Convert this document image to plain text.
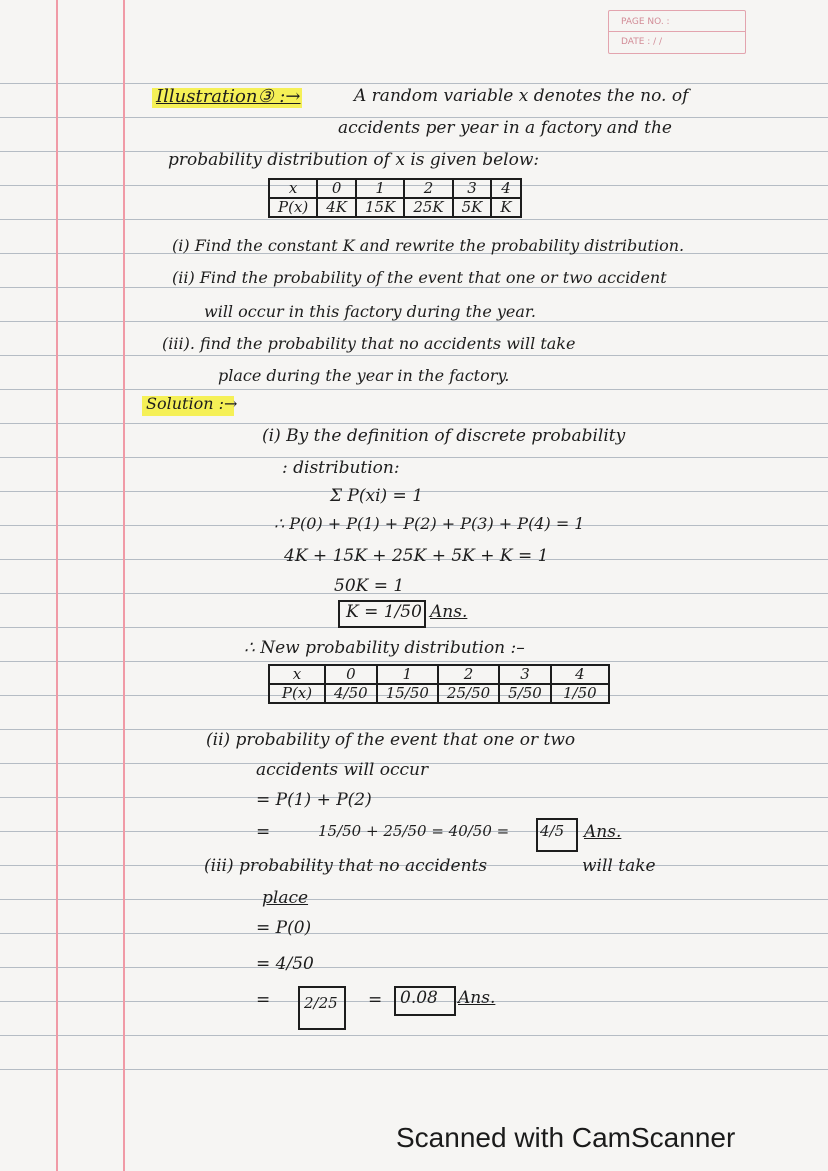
PAGE NO. :
DATE : / /
Illustration③ :→	A random variable x denotes the no. of
accidents per year in a factory and the
probability distribution of x is given below:
x	0	1	2	3	4
P(x)	4K	15K	25K	5K	K
(i) Find the constant K and rewrite the probability distribution.
(ii) Find the probability of the event that one or two accident
will occur in this factory during the year.
(iii). find the probability that no accidents will take
place during the year in the factory.
Solution :→
(i) By the definition of discrete probability
: distribution:
Σ P(xi) = 1
∴ P(0) + P(1) + P(2) + P(3) + P(4) = 1
4K + 15K + 25K + 5K + K = 1
50K = 1
K = 1/50 Ans.
∴ New probability distribution :–
x	0	1	2	3	4
P(x)	4/50	15/50	25/50	5/50	1/50
(ii) probability of the event that one or two
accidents will occur
= P(1) + P(2)
=	15/50 + 25/50 = 40/50 = 4/5 Ans.
(iii) probability that no accidents	will take
place
= P(0)
= 4/50
= 2/25 = 0.08 Ans.
Scanned with CamScanner
